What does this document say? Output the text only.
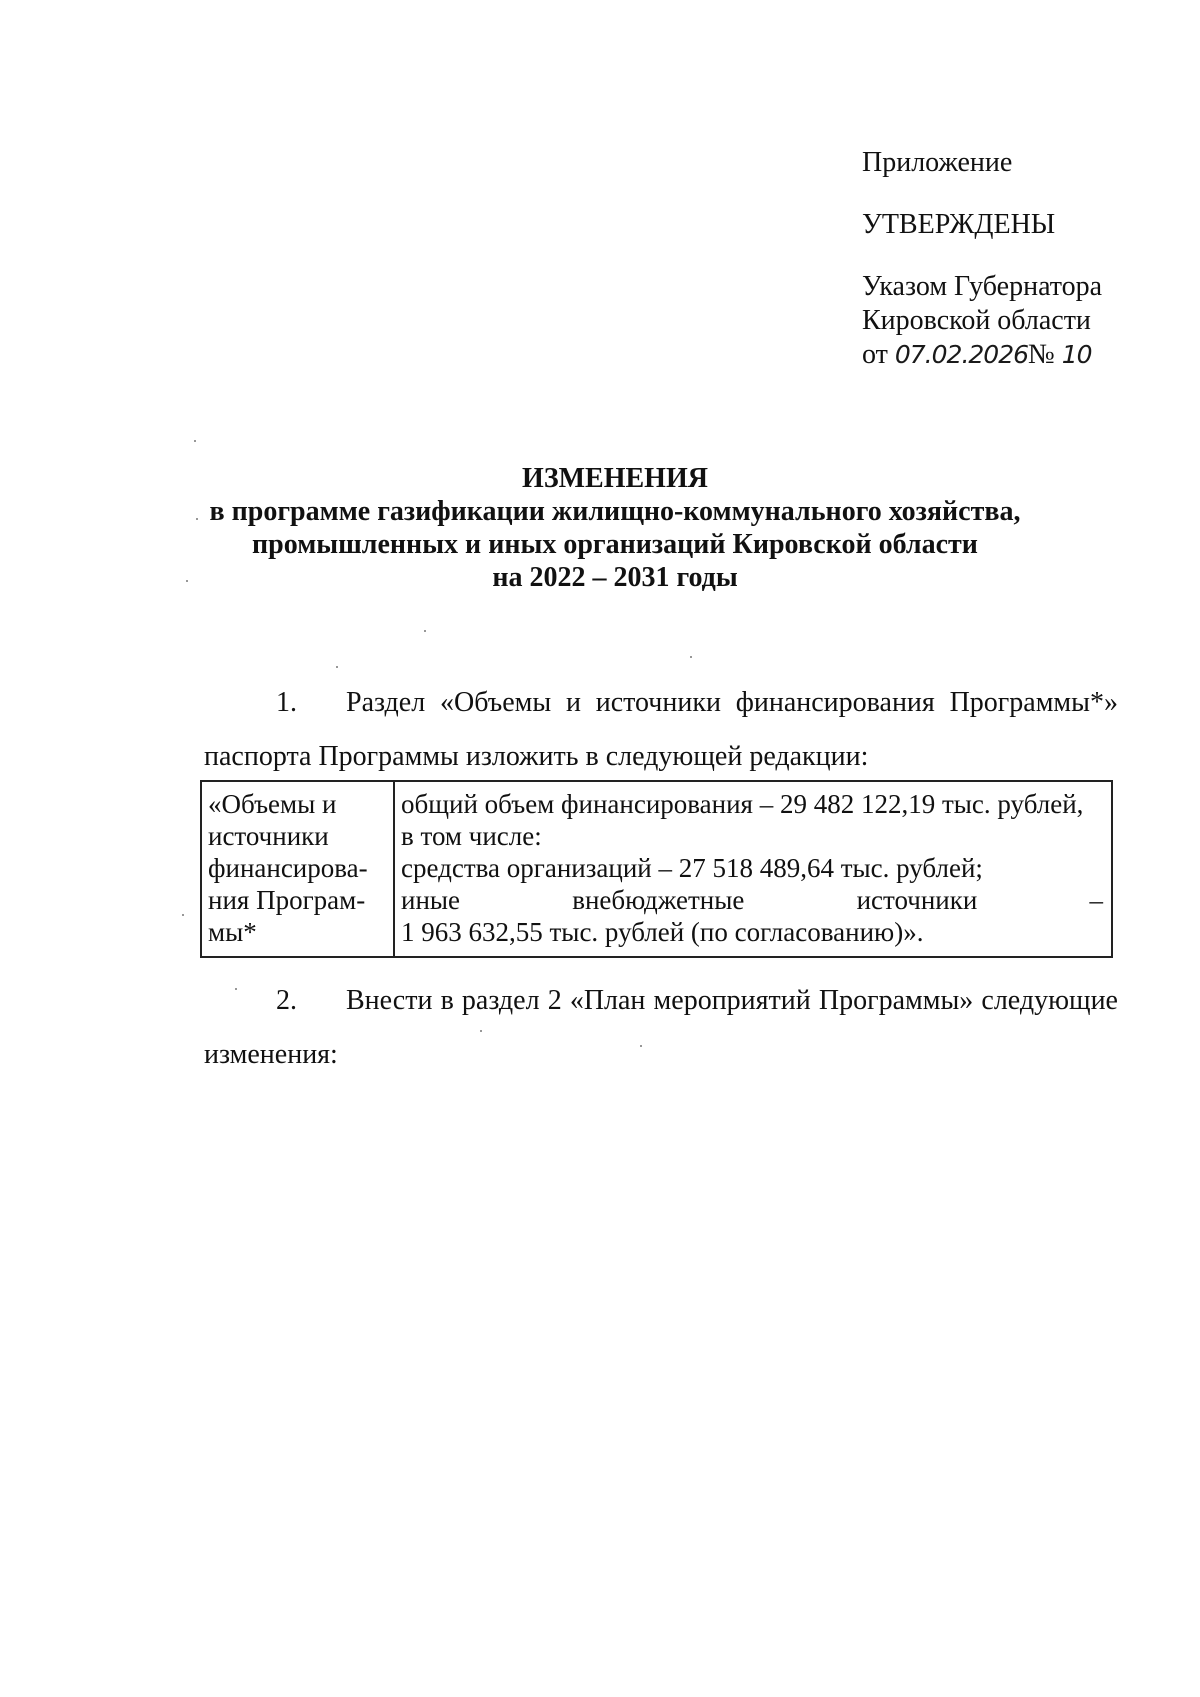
Приложение
УТВЕРЖДЕНЫ
Указом Губернатора
Кировской области
от 07.02.2026№ 10
ИЗМЕНЕНИЯ
в программе газификации жилищно-коммунального хозяйства,
промышленных и иных организаций Кировской области
на 2022 – 2031 годы
1. Раздел «Объемы и источники финансирования Программы*»
паспорта Программы изложить в следующей редакции:
«Объемы и
источники
финансирова-
ния Програм-
мы*

общий объем финансирования – 29 482 122,19 тыс. рублей,
в том числе:
средства организаций – 27 518 489,64 тыс. рублей;
иные	внебюджетные	источники	–
1 963 632,55 тыс. рублей (по согласованию)».
2. Внести в раздел 2 «План мероприятий Программы» следующие
изменения:
